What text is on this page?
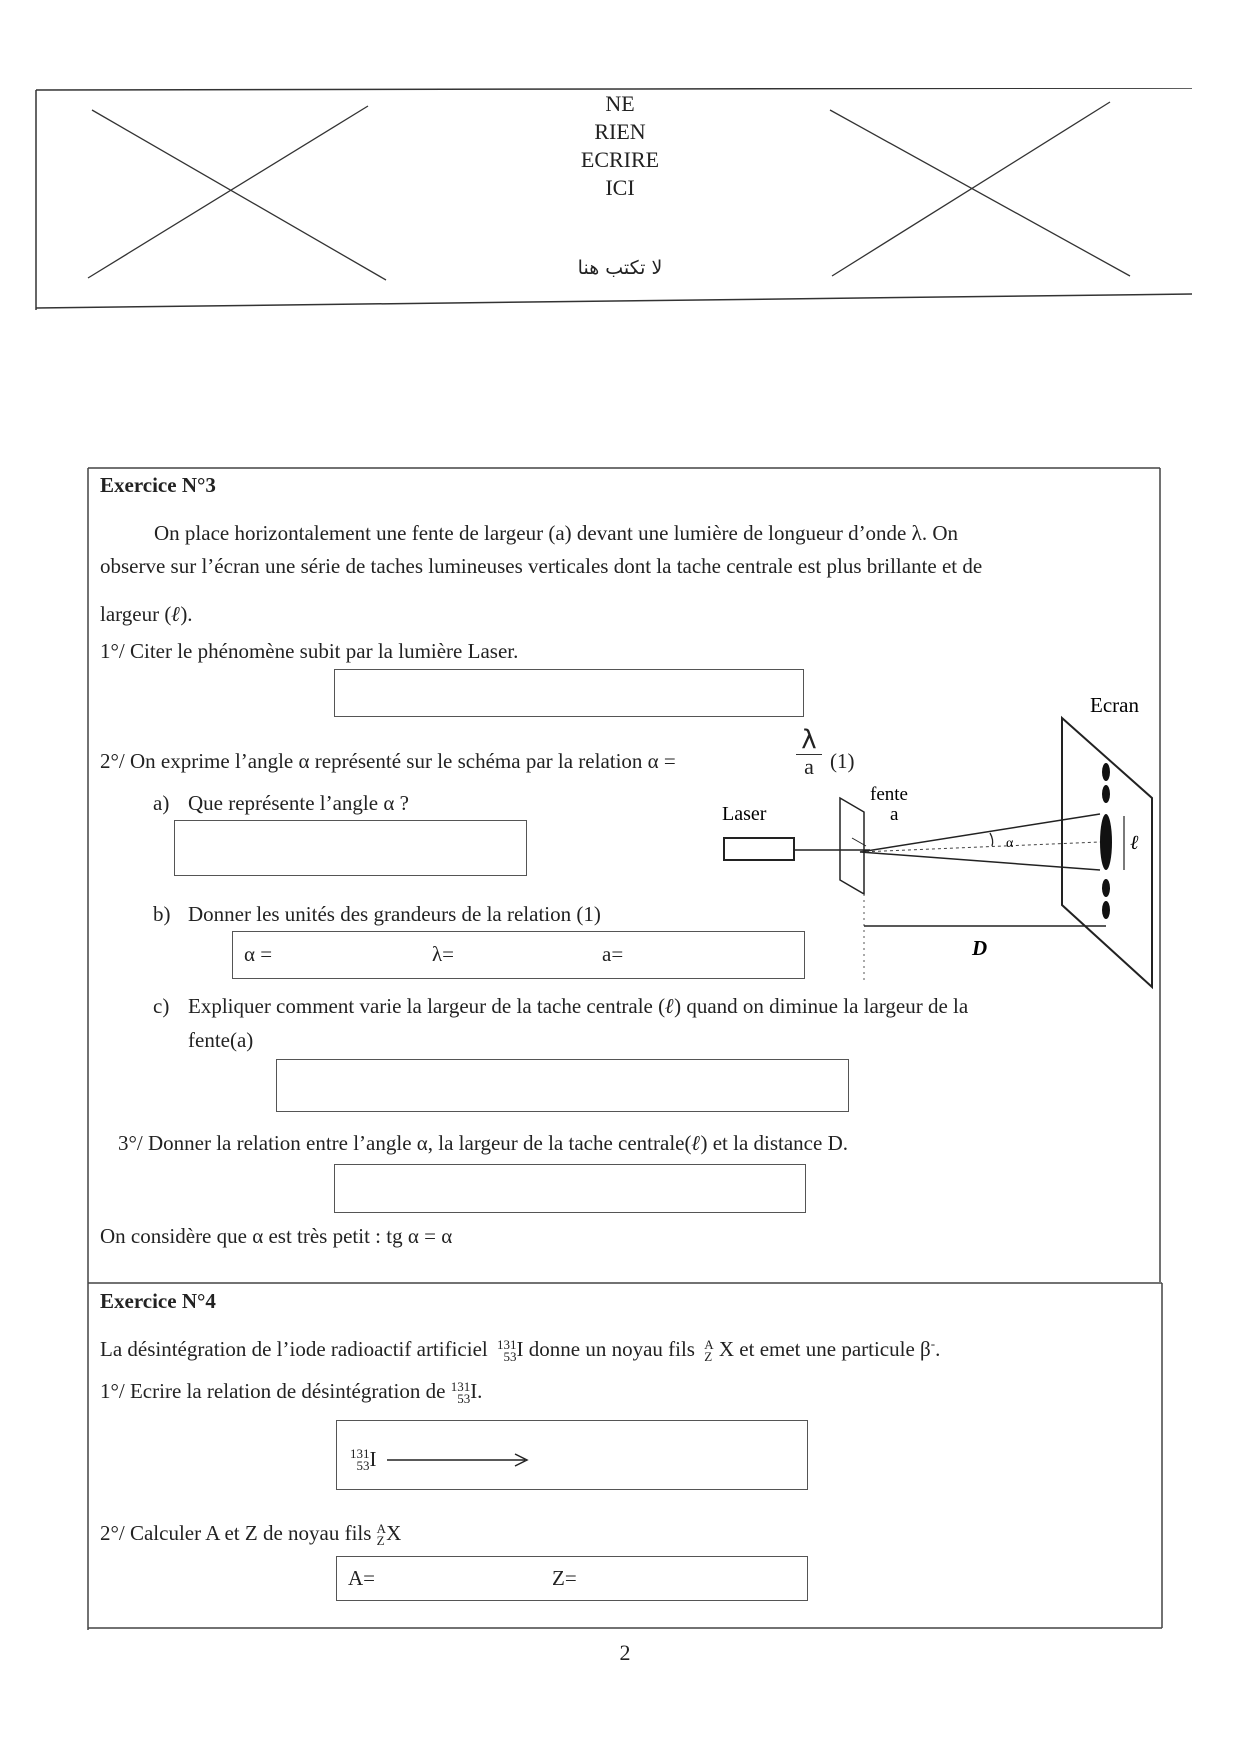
NE
RIEN
ECRIRE
ICI
لا تكتب هنا
Exercice N°3
On place horizontalement une fente de largeur (a) devant une lumière de longueur d’onde λ. On
observe sur l’écran une série de taches lumineuses verticales dont la tache centrale est plus brillante et de
largeur (ℓ).
1°/ Citer le phénomène subit par la lumière Laser.
2°/ On exprime l’angle α représenté sur le schéma par la relation α =
λ
a (1)
a) Que représente l’angle α ?
b) Donner les unités des grandeurs de la relation (1)
α =	λ=	a=
c) Expliquer comment varie la largeur de la tache centrale (ℓ) quand on diminue la largeur de la
fente(a)
3°/ Donner la relation entre l’angle α, la largeur de la tache centrale(ℓ) et la distance D.
On considère que α est très petit : tg α = α
Ecran
Laser
fente
a
α	ℓ
D
Exercice N°4
La désintégration de l’iode radioactif artificiel 131
53 I donne un noyau fils A
Z X et emet une particule β-.
1°/ Ecrire la relation de désintégration de 131
53 I.
131
53 I
2°/ Calculer A et Z de noyau fils A
Z X
A=	Z=
2
